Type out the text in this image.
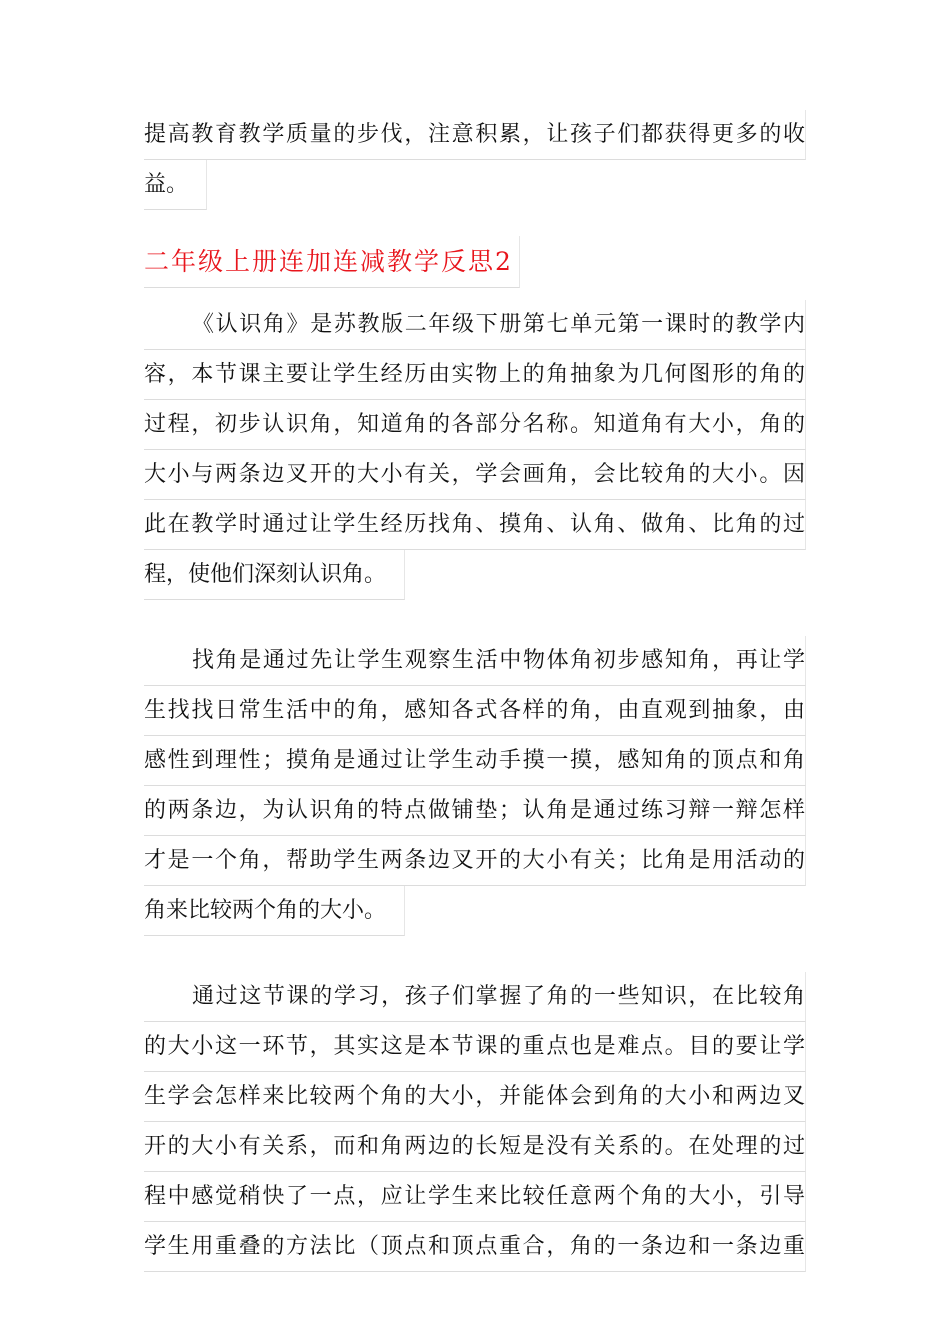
提高教育教学质量的步伐，注意积累，让孩子们都获得更多的收
益。
二年级上册连加连减教学反思2
《认识角》是苏教版二年级下册第七单元第一课时的教学内
容，本节课主要让学生经历由实物上的角抽象为几何图形的角的
过程，初步认识角，知道角的各部分名称。知道角有大小，角的
大小与两条边叉开的大小有关，学会画角，会比较角的大小。因
此在教学时通过让学生经历找角、摸角、认角、做角、比角的过
程，使他们深刻认识角。
找角是通过先让学生观察生活中物体角初步感知角，再让学
生找找日常生活中的角，感知各式各样的角，由直观到抽象，由
感性到理性；摸角是通过让学生动手摸一摸，感知角的顶点和角
的两条边，为认识角的特点做铺垫；认角是通过练习辩一辩怎样
才是一个角，帮助学生两条边叉开的大小有关；比角是用活动的
角来比较两个角的大小。
通过这节课的学习，孩子们掌握了角的一些知识，在比较角
的大小这一环节，其实这是本节课的重点也是难点。目的要让学
生学会怎样来比较两个角的大小，并能体会到角的大小和两边叉
开的大小有关系，而和角两边的长短是没有关系的。在处理的过
程中感觉稍快了一点，应让学生来比较任意两个角的大小，引导
学生用重叠的方法比（顶点和顶点重合，角的一条边和一条边重
